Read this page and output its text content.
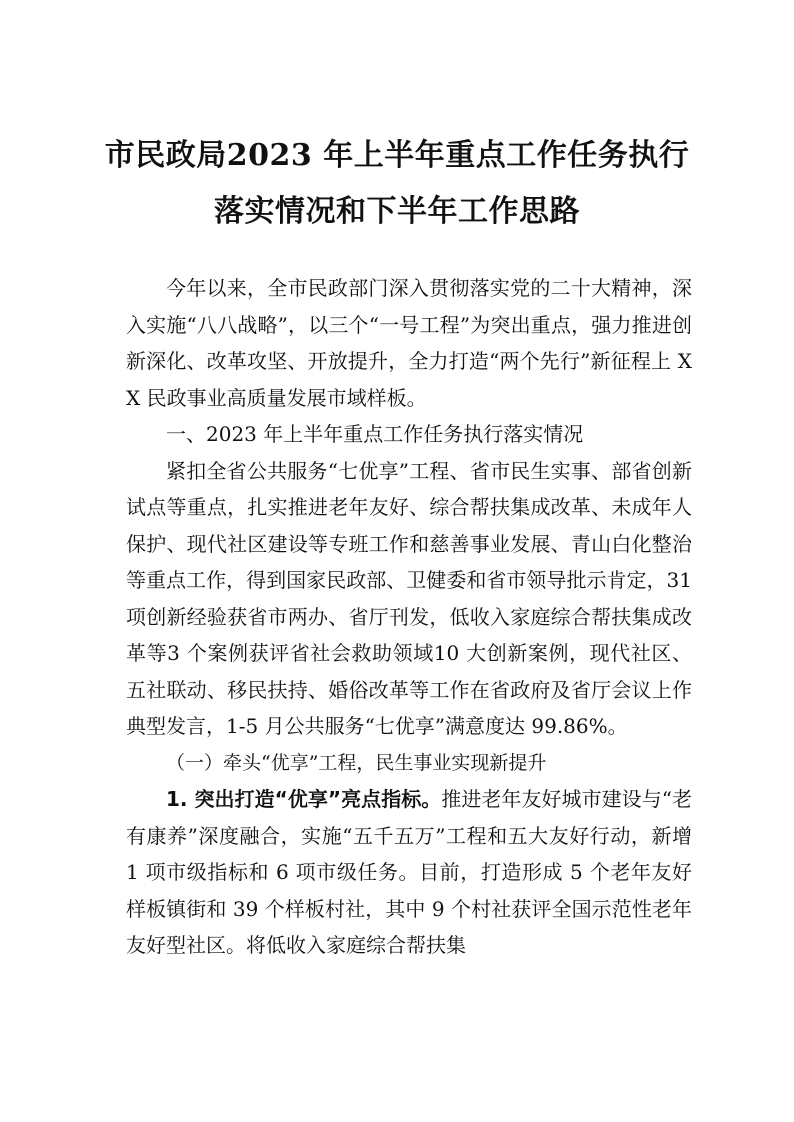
市民政局2023 年上半年重点工作任务执行
落实情况和下半年工作思路

今年以来，全市民政部门深入贯彻落实党的二十大精神，深入实施“八八战略”，以三个“一号工程”为突出重点，强力推进创新深化、改革攻坚、开放提升，全力打造“两个先行”新征程上 XX 民政事业高质量发展市域样板。

一、2023 年上半年重点工作任务执行落实情况

紧扣全省公共服务“七优享”工程、省市民生实事、部省创新试点等重点，扎实推进老年友好、综合帮扶集成改革、未成年人保护、现代社区建设等专班工作和慈善事业发展、青山白化整治等重点工作，得到国家民政部、卫健委和省市领导批示肯定，31 项创新经验获省市两办、省厅刊发，低收入家庭综合帮扶集成改革等3 个案例获评省社会救助领域10 大创新案例，现代社区、五社联动、移民扶持、婚俗改革等工作在省政府及省厅会议上作典型发言，1-5 月公共服务“七优享”满意度达 99.86%。

（一）牵头“优享”工程，民生事业实现新提升

1. 突出打造“优享”亮点指标。推进老年友好城市建设与“老有康养”深度融合，实施“五千五万”工程和五大友好行动，新增 1 项市级指标和 6 项市级任务。目前，打造形成 5 个老年友好样板镇街和 39 个样板村社，其中 9 个村社获评全国示范性老年友好型社区。将低收入家庭综合帮扶集
